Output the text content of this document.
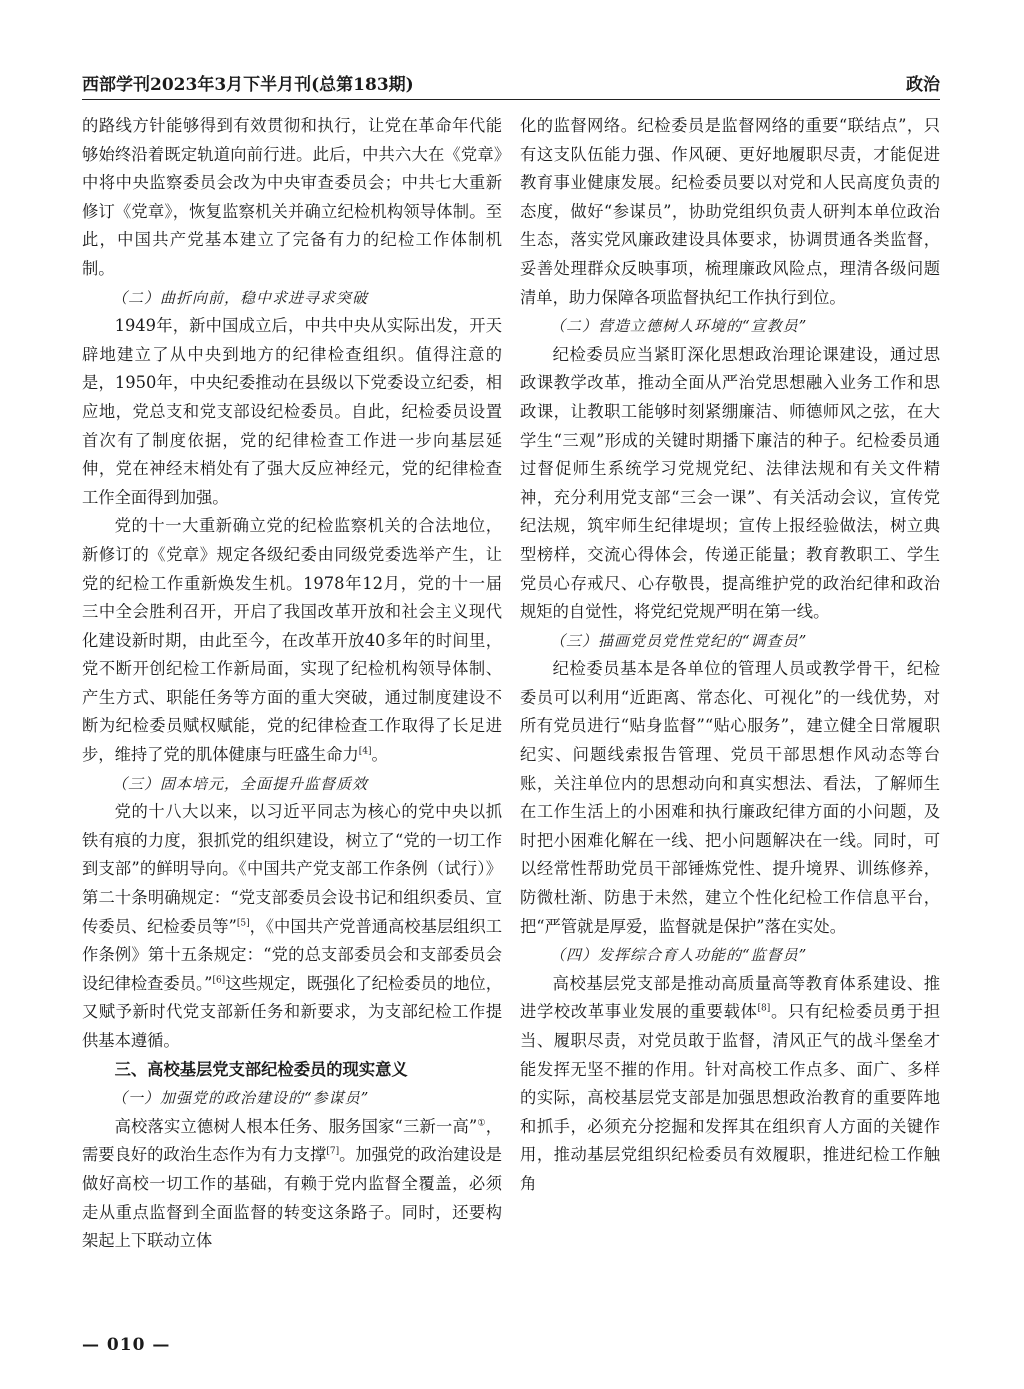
西部学刊2023年3月下半月刊(总第183期)	政治

的路线方针能够得到有效贯彻和执行，让党在革命年代能够始终沿着既定轨道向前行进。此后，中共六大在《党章》中将中央监察委员会改为中央审查委员会；中共七大重新修订《党章》，恢复监察机关并确立纪检机构领导体制。至此，中国共产党基本建立了完备有力的纪检工作体制机制。

（二）曲折向前，稳中求进寻求突破

1949年，新中国成立后，中共中央从实际出发，开天辟地建立了从中央到地方的纪律检查组织。值得注意的是，1950年，中央纪委推动在县级以下党委设立纪委，相应地，党总支和党支部设纪检委员。自此，纪检委员设置首次有了制度依据，党的纪律检查工作进一步向基层延伸，党在神经末梢处有了强大反应神经元，党的纪律检查工作全面得到加强。

党的十一大重新确立党的纪检监察机关的合法地位，新修订的《党章》规定各级纪委由同级党委选举产生，让党的纪检工作重新焕发生机。1978年12月，党的十一届三中全会胜利召开，开启了我国改革开放和社会主义现代化建设新时期，由此至今，在改革开放40多年的时间里，党不断开创纪检工作新局面，实现了纪检机构领导体制、产生方式、职能任务等方面的重大突破，通过制度建设不断为纪检委员赋权赋能，党的纪律检查工作取得了长足进步，维持了党的肌体健康与旺盛生命力[4]。

（三）固本培元，全面提升监督质效

党的十八大以来，以习近平同志为核心的党中央以抓铁有痕的力度，狠抓党的组织建设，树立了“党的一切工作到支部”的鲜明导向。《中国共产党支部工作条例（试行）》第二十条明确规定：“党支部委员会设书记和组织委员、宣传委员、纪检委员等”[5]，《中国共产党普通高校基层组织工作条例》第十五条规定：“党的总支部委员会和支部委员会设纪律检查委员。”[6]这些规定，既强化了纪检委员的地位，又赋予新时代党支部新任务和新要求，为支部纪检工作提供基本遵循。

三、高校基层党支部纪检委员的现实意义
（一）加强党的政治建设的“参谋员”

高校落实立德树人根本任务、服务国家“三新一高”①，需要良好的政治生态作为有力支撑[7]。加强党的政治建设是做好高校一切工作的基础，有赖于党内监督全覆盖，必须走从重点监督到全面监督的转变这条路子。同时，还要构架起上下联动立体

化的监督网络。纪检委员是监督网络的重要“联结点”，只有这支队伍能力强、作风硬、更好地履职尽责，才能促进教育事业健康发展。纪检委员要以对党和人民高度负责的态度，做好“参谋员”，协助党组织负责人研判本单位政治生态，落实党风廉政建设具体要求，协调贯通各类监督，妥善处理群众反映事项，梳理廉政风险点，理清各级问题清单，助力保障各项监督执纪工作执行到位。

（二）营造立德树人环境的“宣教员”

纪检委员应当紧盯深化思想政治理论课建设，通过思政课教学改革，推动全面从严治党思想融入业务工作和思政课，让教职工能够时刻紧绷廉洁、师德师风之弦，在大学生“三观”形成的关键时期播下廉洁的种子。纪检委员通过督促师生系统学习党规党纪、法律法规和有关文件精神，充分利用党支部“三会一课”、有关活动会议，宣传党纪法规，筑牢师生纪律堤坝；宣传上报经验做法，树立典型榜样，交流心得体会，传递正能量；教育教职工、学生党员心存戒尺、心存敬畏，提高维护党的政治纪律和政治规矩的自觉性，将党纪党规严明在第一线。

（三）描画党员党性党纪的“调查员”

纪检委员基本是各单位的管理人员或教学骨干，纪检委员可以利用“近距离、常态化、可视化”的一线优势，对所有党员进行“贴身监督”“贴心服务”，建立健全日常履职纪实、问题线索报告管理、党员干部思想作风动态等台账，关注单位内的思想动向和真实想法、看法，了解师生在工作生活上的小困难和执行廉政纪律方面的小问题，及时把小困难化解在一线、把小问题解决在一线。同时，可以经常性帮助党员干部锤炼党性、提升境界、训练修养，防微杜渐、防患于未然，建立个性化纪检工作信息平台，把“严管就是厚爱，监督就是保护”落在实处。

（四）发挥综合育人功能的“监督员”

高校基层党支部是推动高质量高等教育体系建设、推进学校改革事业发展的重要载体[8]。只有纪检委员勇于担当、履职尽责，对党员敢于监督，清风正气的战斗堡垒才能发挥无坚不摧的作用。针对高校工作点多、面广、多样的实际，高校基层党支部是加强思想政治教育的重要阵地和抓手，必须充分挖掘和发挥其在组织育人方面的关键作用，推动基层党组织纪检委员有效履职，推进纪检工作触角

— 010 —
